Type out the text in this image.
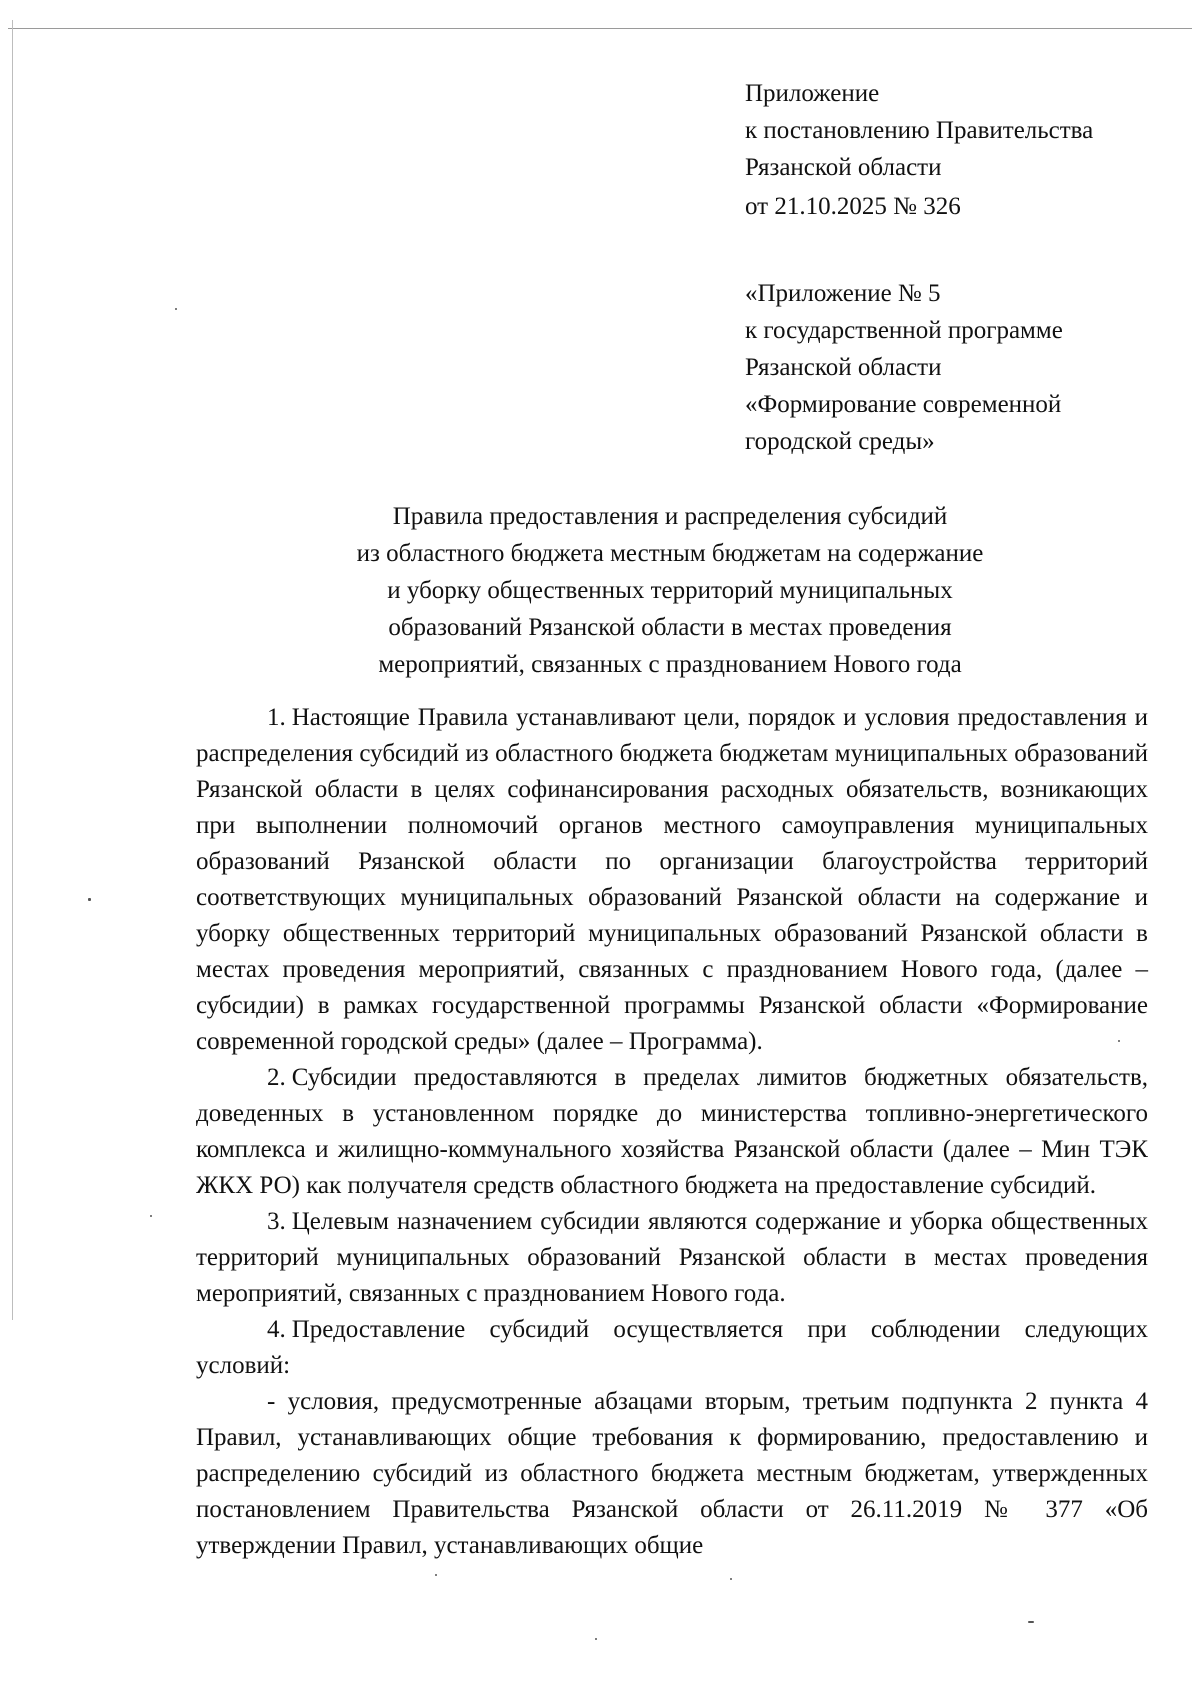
Приложение
к постановлению Правительства
Рязанской области
от 21.10.2025 № 326
«Приложение № 5
к государственной программе
Рязанской области
«Формирование современной
городской среды»
Правила предоставления и распределения субсидий
из областного бюджета местным бюджетам на содержание
и уборку общественных территорий муниципальных
образований Рязанской области в местах проведения
мероприятий, связанных с празднованием Нового года

1. Настоящие Правила устанавливают цели, порядок и условия предоставления и распределения субсидий из областного бюджета бюджетам муниципальных образований Рязанской области в целях софинансирования расходных обязательств, возникающих при выполнении полномочий органов местного самоуправления муниципальных образований Рязанской области по организации благоустройства территорий соответствующих муниципальных образований Рязанской области на содержание и уборку общественных территорий муниципальных образований Рязанской области в местах проведения мероприятий, связанных с празднованием Нового года, (далее – субсидии) в рамках государственной программы Рязанской области «Формирование современной городской среды» (далее – Программа).

2. Субсидии предоставляются в пределах лимитов бюджетных обязательств, доведенных в установленном порядке до министерства топливно-энергетического комплекса и жилищно-коммунального хозяйства Рязанской области (далее – Мин ТЭК ЖКХ РО) как получателя средств областного бюджета на предоставление субсидий.

3. Целевым назначением субсидии являются содержание и уборка общественных территорий муниципальных образований Рязанской области в местах проведения мероприятий, связанных с празднованием Нового года.

4. Предоставление субсидий осуществляется при соблюдении следующих условий:

- условия, предусмотренные абзацами вторым, третьим подпункта 2 пункта 4 Правил, устанавливающих общие требования к формированию, предоставлению и распределению субсидий из областного бюджета местным бюджетам, утвержденных постановлением Правительства Рязанской области от 26.11.2019 № 377 «Об утверждении Правил, устанавливающих общие
